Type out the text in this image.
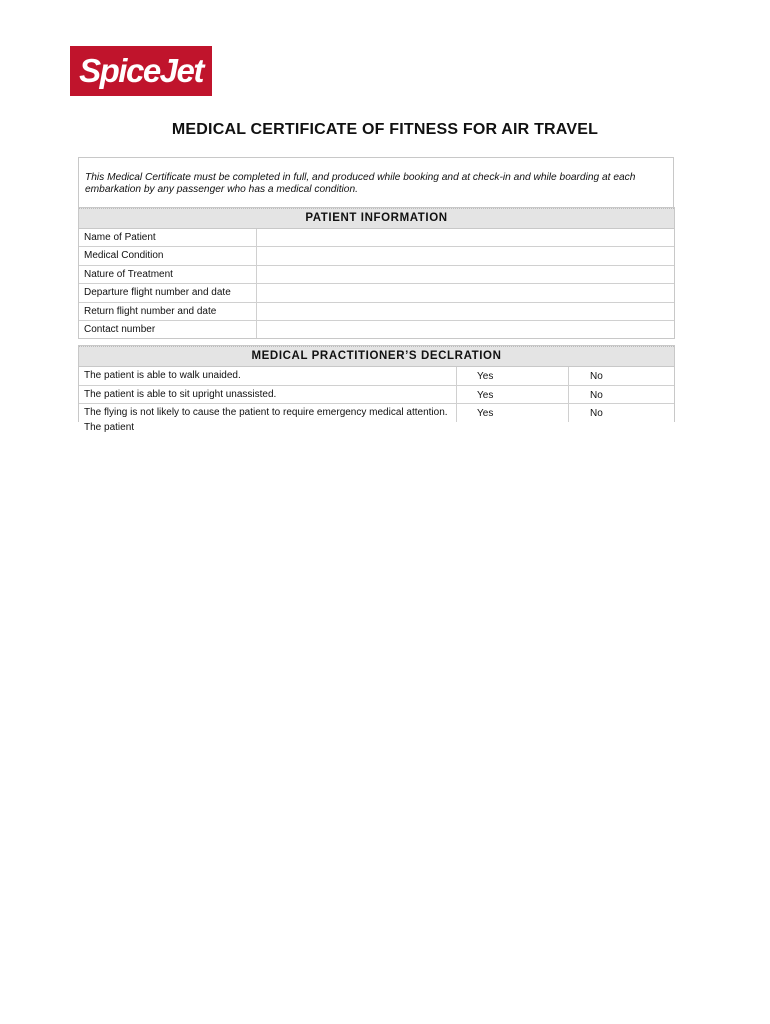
SpiceJet
MEDICAL CERTIFICATE OF FITNESS FOR AIR TRAVEL
This Medical Certificate must be completed in full, and produced while booking and at check-in and while boarding at each embarkation by any passenger who has a medical condition.
PATIENT INFORMATION
Name of Patient
Medical Condition
Nature of Treatment
Departure flight number and date
Return flight number and date
Contact number
MEDICAL PRACTITIONER’S DECLRATION
The patient is able to walk unaided.	Yes	No
The patient is able to sit upright unassisted.	Yes	No
The flying is not likely to cause the patient to require emergency medical attention.	Yes	No
The patient
